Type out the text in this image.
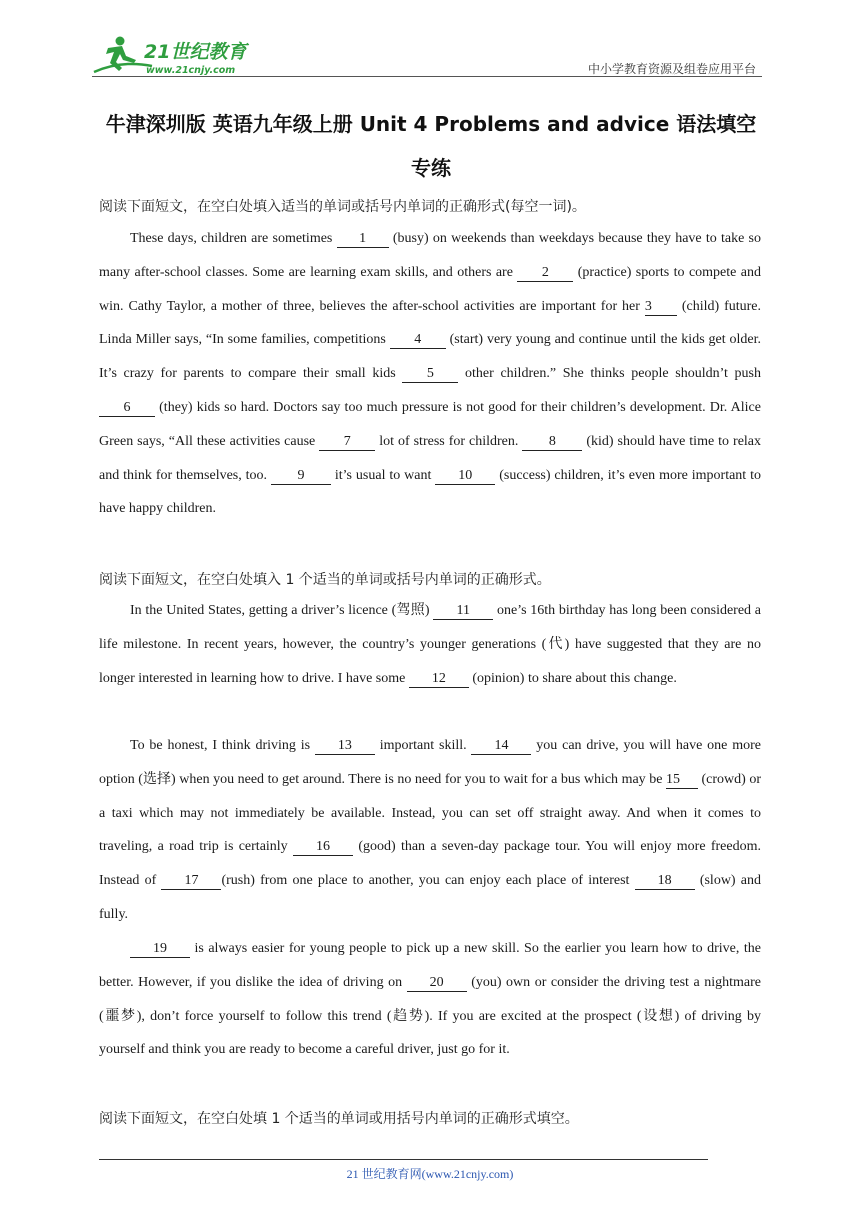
21世纪教育
www.21cnjy.com	中小学教育资源及组卷应用平台
牛津深圳版 英语九年级上册 Unit 4 Problems and advice 语法填空
专练
阅读下面短文，在空白处填入适当的单词或括号内单词的正确形式(每空一词)。

These days, children are sometimes 1 (busy) on weekends than weekdays because they have to take so many after-school classes. Some are learning exam skills, and others are 2 (practice) sports to compete and win. Cathy Taylor, a mother of three, believes the after-school activities are important for her 3 (child) future. Linda Miller says, “In some families, competitions 4 (start) very young and continue until the kids get older. It’s crazy for parents to compare their small kids 5 other children.” She thinks people shouldn’t push 6 (they) kids so hard. Doctors say too much pressure is not good for their children’s development. Dr. Alice Green says, “All these activities cause 7 lot of stress for children. 8 (kid) should have time to relax and think for themselves, too. 9 it’s usual to want 10 (success) children, it’s even more important to have happy children.

阅读下面短文，在空白处填入 1 个适当的单词或括号内单词的正确形式。

In the United States, getting a driver’s licence (驾照) 11 one’s 16th birthday has long been considered a life milestone. In recent years, however, the country’s younger generations (代) have suggested that they are no longer interested in learning how to drive. I have some 12 (opinion) to share about this change.

To be honest, I think driving is 13 important skill. 14 you can drive, you will have one more option (选择) when you need to get around. There is no need for you to wait for a bus which may be 15 (crowd) or a taxi which may not immediately be available. Instead, you can set off straight away. And when it comes to traveling, a road trip is certainly 16 (good) than a seven-day package tour. You will enjoy more freedom. Instead of 17 (rush) from one place to another, you can enjoy each place of interest 18 (slow) and fully.

19 is always easier for young people to pick up a new skill. So the earlier you learn how to drive, the better. However, if you dislike the idea of driving on 20 (you) own or consider the driving test a nightmare (噩梦), don’t force yourself to follow this trend (趋势). If you are excited at the prospect (设想) of driving by yourself and think you are ready to become a careful driver, just go for it.

阅读下面短文，在空白处填 1 个适当的单词或用括号内单词的正确形式填空。
21 世纪教育网(www.21cnjy.com)
